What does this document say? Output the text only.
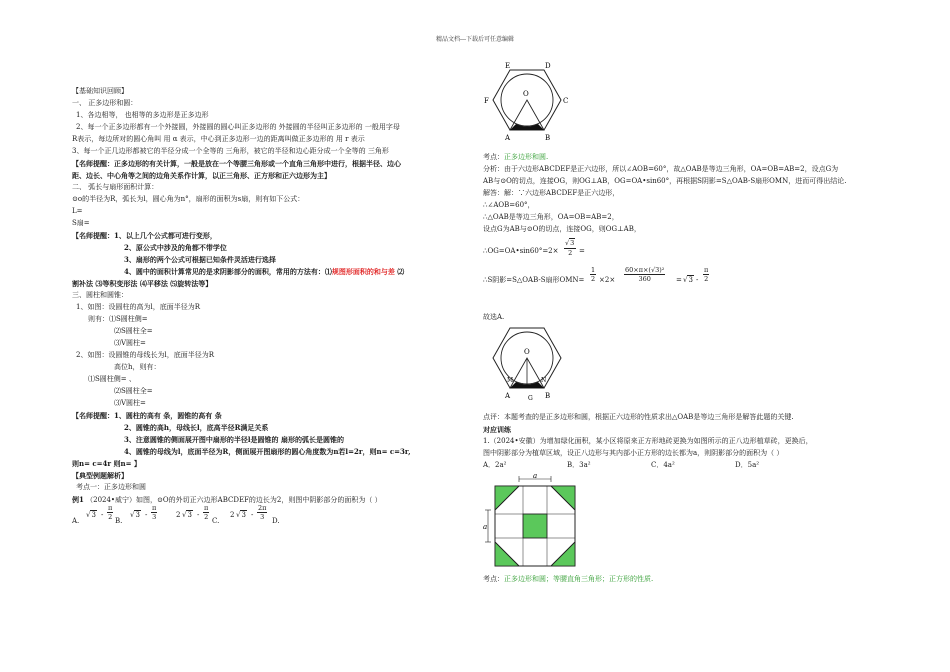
精品文档---下载后可任意编辑
【基础知识回顾】
一、 正多边形和圆：
1、各边相等， 也相等的多边形是正多边形
2、每一个正多边形都有一个外接圆，外接圆的圆心叫正多边形的 外接圆的半径叫正多边形的 一般用字母
R表示，每边所对的圆心角叫 用 α 表示，中心到正多边形一边的距离叫做正多边形的 用 r 表示
3、每一个正几边形都被它的半径分成一个全等的 三角形，被它的半径和边心距分成一个全等的 三角形
【名师提醒：正多边形的有关计算，一般是放在一个等腰三角形或一个直角三角形中进行，根据半径、边心
距、边长、中心角等之间的边角关系作计算，以正三角形、正方形和正六边形为主】
二、 弧长与扇形面积计算：
⊙o的半径为R，弧长为l，圆心角为n°，扇形的面积为s扇，则有如下公式：
L=
S扇=
【名师提醒：1、以上几个公式都可进行变形，
2、原公式中涉及的角都不带学位
3、扇形的两个公式可根据已知条件灵活进行选择
4、圆中的面积计算常见的是求阴影部分的面积，常用的方法有：⑴规图形面积的和与差 ⑵
割补法 ⑶等积变形法 ⑷平移法 ⑸旋转法等】
三、圆柱和圆锥：
1、如图：设圆柱的高为l，底面半径为R
则有：⑴S圆柱侧=
⑵S圆柱全=
⑶V圆柱=
2、如图：设圆锥的母线长为l，底面半径为R
高位h，则有：
⑴S圆柱侧= 、
⑵S圆柱全=
⑶V圆柱=
【名师提醒：1、圆柱的高有 条，圆锥的高有 条
2、圆锥的高h，母线长l，底高半径R满足关系
3、注意圆锥的侧面展开图中扇形的半径l是圆锥的 扇形的弧长是圆锥的
4、圆锥的母线为l，底面半径为R，侧面展开图扇形的圆心角度数为n若l=2r，则n= c=3r,
则n= c=4r 则n= 】
【典型例题解析】
考点一：正多边形和圆
例1 （2024•威宁）如图，⊙O的外切正六边形ABCDEF的边长为2，则图中阴影部分的面积为（ ）
A.
$√3 - \frac{\pi}{2} B$.
$√3 - \frac{\pi}{3}$	2 $√3 - \frac{\pi}{2} C$.
2 $√3 - \frac{2\pi}{3} D$.
E	D
F	C
O
A	B
考点：正多边形和圆.
分析：由于六边形ABCDEF是正六边形，所以∠AOB=60°，故△OAB是等边三角形，OA=OB=AB=2，设点G为
AB与⊙O的切点，连接OG，则OG⊥AB，OG=OA•sin60°，再根据S阴影=S△OAB-S扇形OMN，进而可得出结论.
解答：解：∵六边形ABCDEF是正六边形，
∴∠AOB=60°，
∴△OAB是等边三角形，OA=OB=AB=2，
设点G为AB与⊙O的切点，连接OG，则OG⊥AB，
∴OG=OA•sin60°=2× $\frac{√3}{2}$ =
∴S阴影=S△OAB-S扇形$OMN= \frac{1}{2} \times 2\times \frac{\text{60×π×(√3)²}}{360} = √3 - \frac{\pi}{2}$
故选A.
O
A	B
M	N
G
点评：本题考查的是正多边形和圆，根据正六边形的性质求出△OAB是等边三角形是解答此题的关键.
对应训练
1.（2024•安徽）为增加绿化面积，某小区将原来正方形地砖更换为如图所示的正八边形植草砖，更换后，
图中阴影部分为植草区域，设正八边形与其内部小正方形的边长都为a，则阴影部分的面积为（ ）
A．2a²	B．3a²	C．4a²	D．5a²
a
a
考点：正多边形和圆；等腰直角三角形；正方形的性质.
